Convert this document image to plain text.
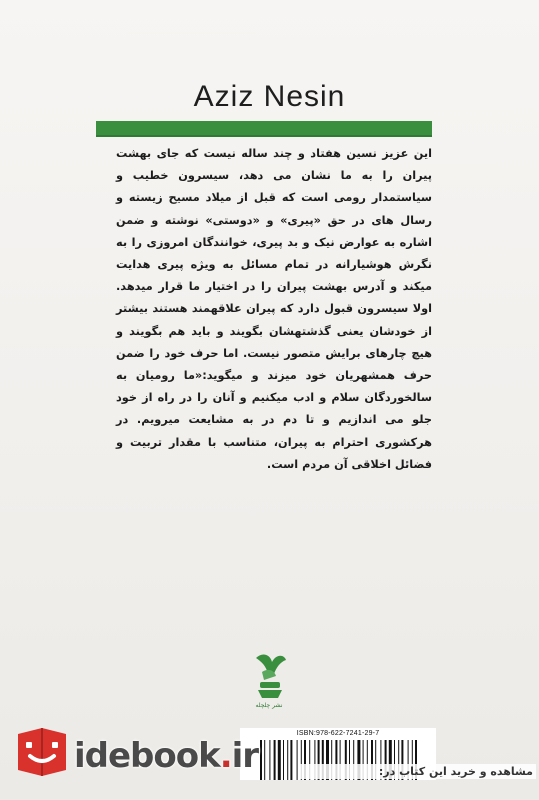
Aziz Nesin
این عزیز نسین هفتاد و چند ساله نیست که جای بهشت پیران را به ما نشان می دهد، سیسرون خطیب و سیاستمدار رومی است که قبل از میلاد مسیح زیسته و رسال های در حق «پیری» و «دوستی» نوشته و ضمن اشاره به عوارض نیک و بد پیری، خوانندگان امروزی را به نگرش هوشیارانه در تمام مسائل به ویژه پیری هدایت میکند و آدرس بهشت پیران را در اختیار ما قرار میدهد. اولا سیسرون قبول دارد که پیران علاقهمند هستند بیشتر از خودشان یعنی گذشتهشان بگویند و باید هم بگویند و هیچ چارهای برایش متصور نیست. اما حرف خود را ضمن حرف همشهریان خود میزند و میگوید:«ما رومیان به سالخوردگان سلام و ادب میکنیم و آنان را در راه از خود جلو می اندازیم و تا دم در به مشایعت میرویم. در هرکشوری احترام به پیران، متناسب با مقدار تربیت و فضائل اخلاقی آن مردم است.
نشر چلچله
ISBN:978-622-7241-29-7
idebook.ir	مشاهده و خرید این کتاب در:
